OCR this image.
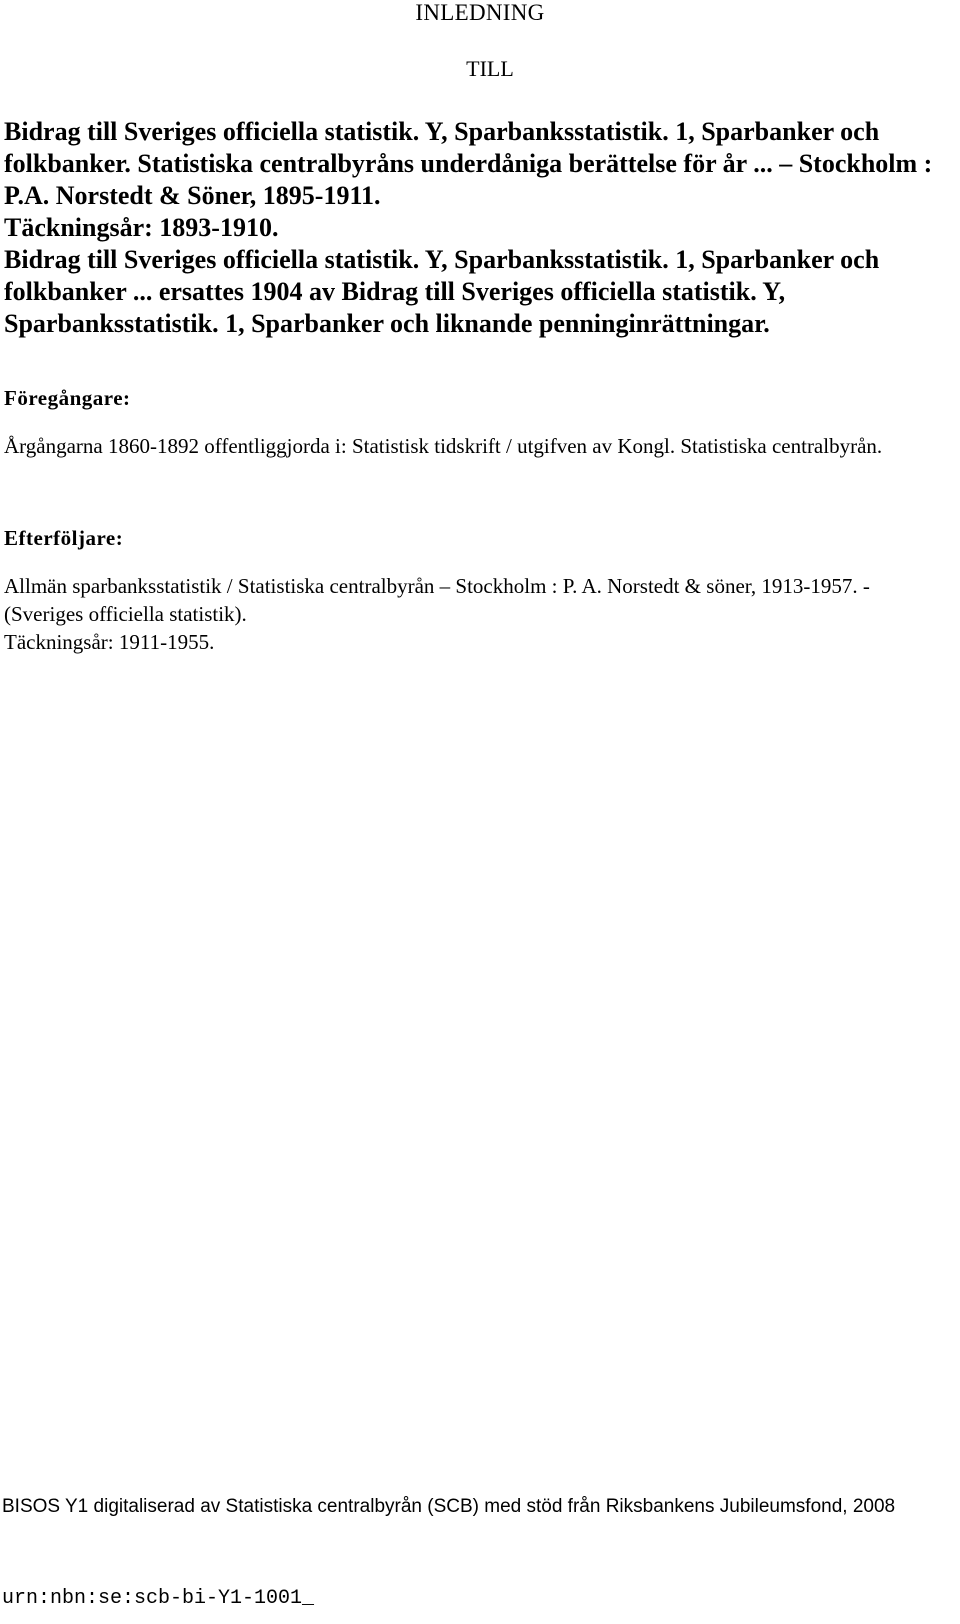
INLEDNING
TILL

Bidrag till Sveriges officiella statistik. Y, Sparbanksstatistik. 1, Sparbanker och folkbanker. Statistiska centralbyråns underdåniga berättelse för år ... – Stockholm : P.A. Norstedt & Söner, 1895-1911.

Täckningsår: 1893-1910.

Bidrag till Sveriges officiella statistik. Y, Sparbanksstatistik. 1, Sparbanker och folkbanker ... ersattes 1904 av Bidrag till Sveriges officiella statistik. Y, Sparbanksstatistik. 1, Sparbanker och liknande penninginrättningar.

Föregångare:

Årgångarna 1860-1892 offentliggjorda i: Statistisk tidskrift / utgifven av Kongl. Statistiska centralbyrån.

Efterföljare:

Allmän sparbanksstatistik / Statistiska centralbyrån – Stockholm : P. A. Norstedt & söner, 1913-1957. - (Sveriges officiella statistik).

Täckningsår: 1911-1955.

BISOS Y1 digitaliserad av Statistiska centralbyrån (SCB) med stöd från Riksbankens Jubileumsfond, 2008

urn:nbn:se:scb-bi-Y1-1001_
